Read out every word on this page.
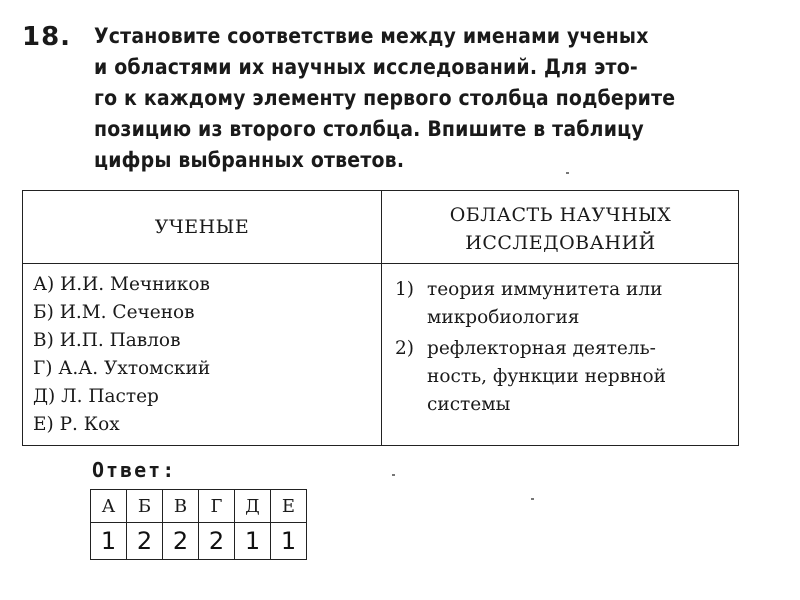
18. Установите соответствие между именами ученых
и областями их научных исследований. Для это-
го к каждому элементу первого столбца подберите
позицию из второго столбца. Впишите в таблицу
цифры выбранных ответов.
УЧЕНЫЕ
ОБЛАСТЬ НАУЧНЫХ
ИССЛЕДОВАНИЙ
А) И.И. Мечников
Б) И.М. Сеченов
В) И.П. Павлов
Г) А.А. Ухтомский
Д) Л. Пастер
Е) Р. Кох
1) теория иммунитета или
микробиология
2) рефлекторная деятель-
ность, функции нервной
системы
Ответ:
А	Б	В	Г	Д	Е
1	2	2	2	1	1
